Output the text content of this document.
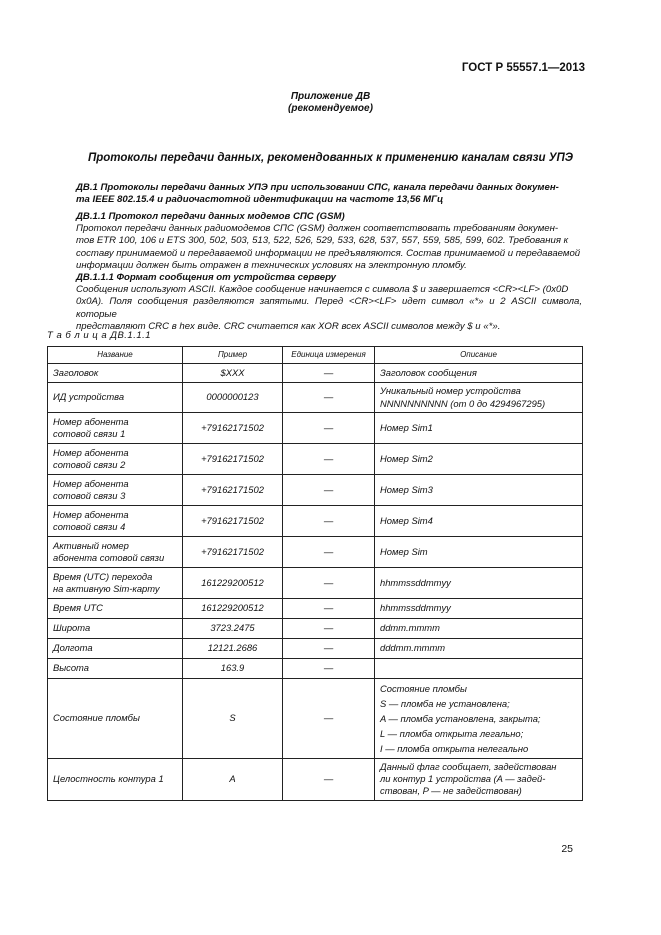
ГОСТ Р 55557.1—2013
Приложение ДВ
(рекомендуемое)
Протоколы передачи данных, рекомендованных к применению каналам связи УПЭ
ДВ.1 Протоколы передачи данных УПЭ при использовании СПС, канала передачи данных докумен-
та IEEE 802.15.4 и радиочастотной идентификации на частоте 13,56 МГц
ДВ.1.1 Протокол передачи данных модемов СПС (GSM)
Протокол передачи данных радиомодемов СПС (GSM) должен соответствовать требованиям докумен-
тов ETR 100, 106 и ETS 300, 502, 503, 513, 522, 526, 529, 533, 628, 537, 557, 559, 585, 599, 602. Требования к
составу принимаемой и передаваемой информации не предъявляются. Состав принимаемой и передаваемой
информации должен быть отражен в технических условиях на электронную пломбу.
ДВ.1.1.1 Формат сообщения от устройства серверу
Сообщения используют ASCII. Каждое сообщение начинается с символа $ и завершается <CR><LF> (0x0D
0x0A). Поля сообщения разделяются запятыми. Перед <CR><LF> идет символ «*» и 2 ASCII символа, которые
представляют CRC в hex виде. CRC считается как XOR всех ASCII символов между $ и «*».
Т а б л и ц а ДВ.1.1.1
Название	Пример	Единица измерения	Описание

Заголовок	$XXX	—	Заголовок сообщения

ИД устройства	0000000123	—	Уникальный номер устройства
NNNNNNNNNN (от 0 до 4294967295)

Номер абонента
сотовой связи 1	+79162171502	—	Номер Sim1

Номер абонента
сотовой связи 2	+79162171502	—	Номер Sim2

Номер абонента
сотовой связи 3	+79162171502	—	Номер Sim3

Номер абонента
сотовой связи 4	+79162171502	—	Номер Sim4

Активный номер
абонента сотовой связи	+79162171502	—	Номер Sim

Время (UTC) перехода
на активную Sim-карту	161229200512	—	hhmmssddmmyy

Время UTC	161229200512	—	hhmmssddmmyy

Широта	3723.2475	—	ddmm.mmmm

Долгота	12121.2686	—	dddmm.mmmm

Высота	163.9	—	

Состояние пломбы	S	—	Состояние пломбы
S — пломба не установлена;
A — пломба установлена, закрыта;
L — пломба открыта легально;
I — пломба открыта нелегально

Целостность контура 1	A	—	Данный флаг сообщает, задействован
ли контур 1 устройства (A — задей-
ствован, P — не задействован)
25
